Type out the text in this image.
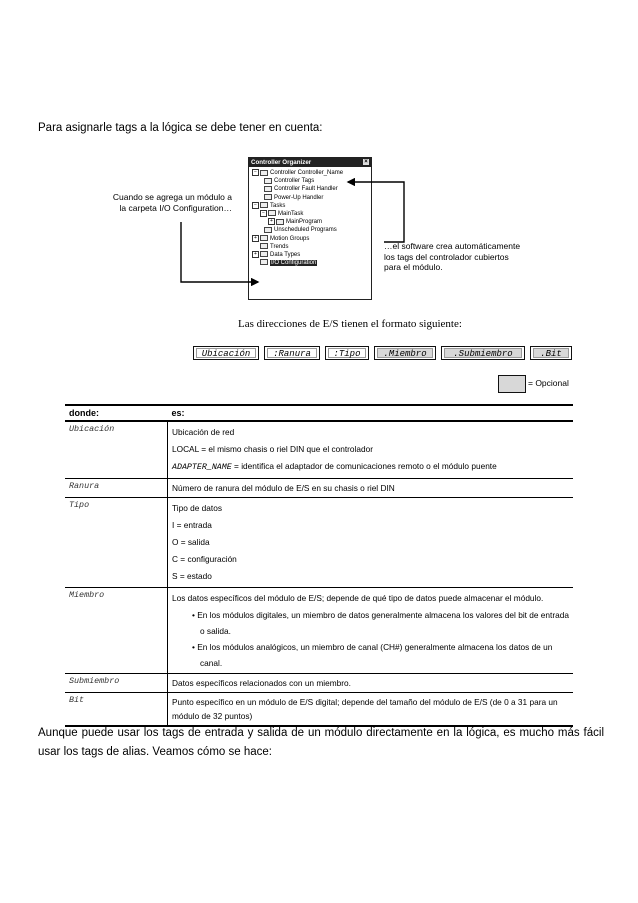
Para asignarle tags a la lógica se debe tener en cuenta:
Controller Organizer	×
− Controller Controller_Name
Controller Tags
Controller Fault Handler
Power-Up Handler
− Tasks
− MainTask
+ MainProgram
Unscheduled Programs
+ Motion Groups
Trends
+ Data Types
I/O Configuration
Cuando se agrega un módulo a la carpeta I/O Configuration…
…el software crea automáticamente los tags del controlador cubiertos para el módulo.
Las direcciones de E/S tienen el formato siguiente:
Ubicación	:Ranura	:Tipo	.Miembro	.Submiembro	.Bit
= Opcional
donde:	es:
Ubicación	Ubicación de red
LOCAL = el mismo chasis o riel DIN que el controlador
ADAPTER_NAME = identifica el adaptador de comunicaciones remoto o el módulo puente

Ranura	Número de ranura del módulo de E/S en su chasis o riel DIN

Tipo	Tipo de datos
I = entrada
O = salida
C = configuración
S = estado

Miembro	Los datos específicos del módulo de E/S; depende de qué tipo de datos puede almacenar el módulo.
• En los módulos digitales, un miembro de datos generalmente almacena los valores del bit de entrada o salida.
• En los módulos analógicos, un miembro de canal (CH#) generalmente almacena los datos de un canal.

Submiembro	Datos específicos relacionados con un miembro.

Bit	Punto específico en un módulo de E/S digital; depende del tamaño del módulo de E/S (de 0 a 31 para un módulo de 32 puntos)
Aunque puede usar los tags de entrada y salida de un módulo directamente en la lógica, es mucho más fácil usar los tags de alias. Veamos cómo se hace:
